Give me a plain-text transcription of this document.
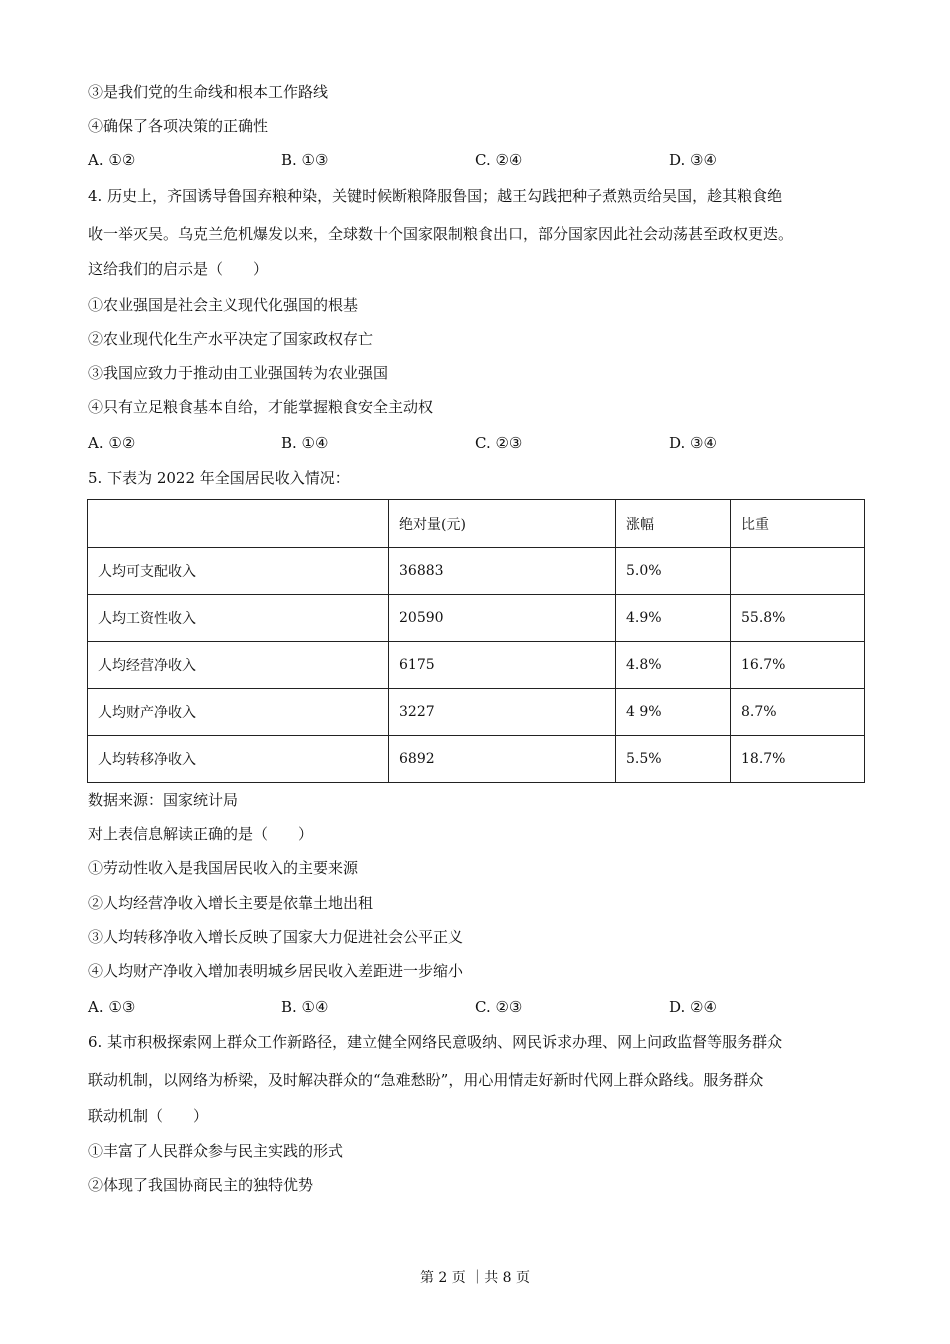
③是我们党的生命线和根本工作路线
④确保了各项决策的正确性
A. ①②	B. ①③	C. ②④	D. ③④
4. 历史上，齐国诱导鲁国弃粮种染，关键时候断粮降服鲁国；越王勾践把种子煮熟贡给吴国，趁其粮食绝
收一举灭吴。乌克兰危机爆发以来，全球数十个国家限制粮食出口，部分国家因此社会动荡甚至政权更迭。
这给我们的启示是（　　）
①农业强国是社会主义现代化强国的根基
②农业现代化生产水平决定了国家政权存亡
③我国应致力于推动由工业强国转为农业强国
④只有立足粮食基本自给，才能掌握粮食安全主动权
A. ①②	B. ①④	C. ②③	D. ③④
5. 下表为 2022 年全国居民收入情况：
	绝对量(元)	涨幅	比重
人均可支配收入	36883	5.0%	
人均工资性收入	20590	4.9%	55.8%
人均经营净收入	6175	4.8%	16.7%
人均财产净收入	3227	4 9%	8.7%
人均转移净收入	6892	5.5%	18.7%
数据来源：国家统计局
对上表信息解读正确的是（　　）
①劳动性收入是我国居民收入的主要来源
②人均经营净收入增长主要是依靠土地出租
③人均转移净收入增长反映了国家大力促进社会公平正义
④人均财产净收入增加表明城乡居民收入差距进一步缩小
A. ①③	B. ①④	C. ②③	D. ②④
6. 某市积极探索网上群众工作新路径，建立健全网络民意吸纳、网民诉求办理、网上问政监督等服务群众
联动机制，以网络为桥梁，及时解决群众的“急难愁盼”，用心用情走好新时代网上群众路线。服务群众
联动机制（　　）
①丰富了人民群众参与民主实践的形式
②体现了我国协商民主的独特优势
第 2 页 ｜共 8 页
